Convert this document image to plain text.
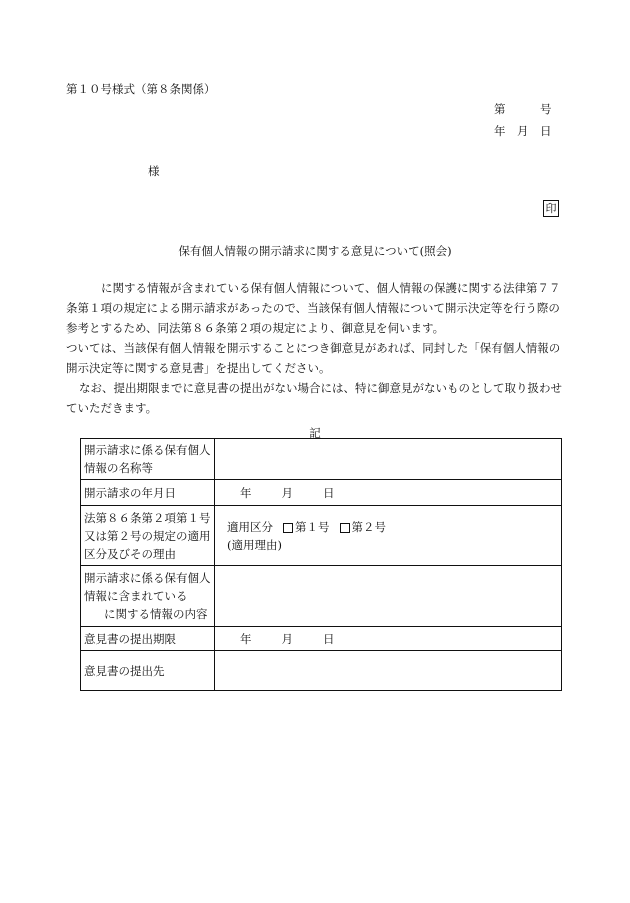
第１０号様式（第８条関係）
第　　　号
年　月　日
様
印
保有個人情報の開示請求に関する意見について(照会)

に関する情報が含まれている保有個人情報について、個人情報の保護に関する法律第７７条第１項の規定による開示請求があったので、当該保有個人情報について開示決定等を行う際の参考とするため、同法第８６条第２項の規定により、御意見を伺います。

ついては、当該保有個人情報を開示することにつき御意見があれば、同封した「保有個人情報の開示決定等に関する意見書」を提出してください。

なお、提出期限までに意見書の提出がない場合には、特に御意見がないものとして取り扱わせていただきます。

記
開示請求に係る保有個人情報の名称等	
開示請求の年月日	年 月 日
法第８６条第２項第１号又は第２号の規定の適用区分及びその理由	適用区分 第１号 第２号
(適用理由)

開示請求に係る保有個人情報に含まれている
に関する情報の内容	

意見書の提出期限	年 月 日
意見書の提出先	
